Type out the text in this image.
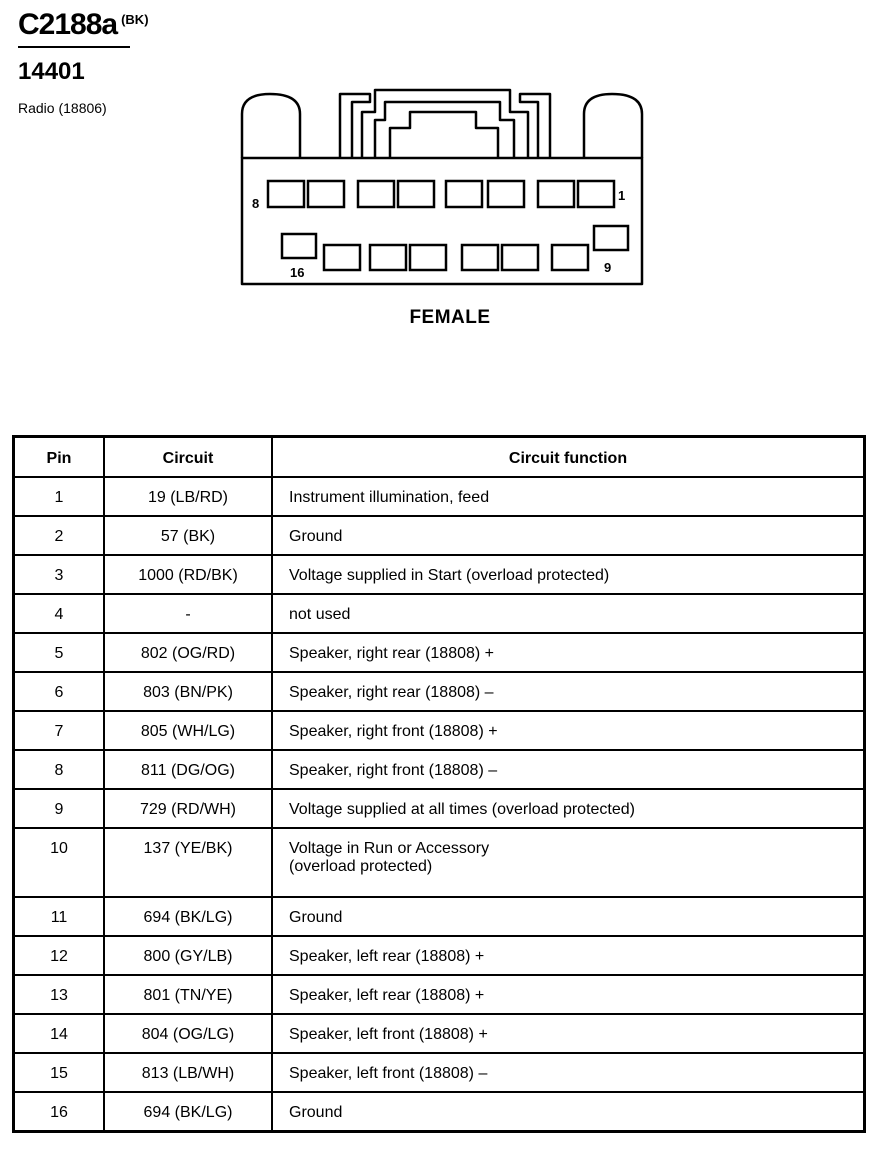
C2188a $^{(BK)}$
14401
Radio (18806)
8
1
16	9
FEMALE
Pin	Circuit	Circuit function
1	19 (LB/RD)	Instrument illumination, feed

2	57 (BK)	Ground

3	1000 (RD/BK)	Voltage supplied in Start (overload protected)

4	-	not used

5	802 (OG/RD)	Speaker, right rear (18808) +

6	803 (BN/PK)	Speaker, right rear (18808) –

7	805 (WH/LG)	Speaker, right front (18808) +

8	811 (DG/OG)	Speaker, right front (18808) –

9	729 (RD/WH)	Voltage supplied at all times (overload protected)

10	137 (YE/BK)	Voltage in Run or Accessory
(overload protected)

11	694 (BK/LG)	Ground

12	800 (GY/LB)	Speaker, left rear (18808) +

13	801 (TN/YE)	Speaker, left rear (18808) +

14	804 (OG/LG)	Speaker, left front (18808) +

15	813 (LB/WH)	Speaker, left front (18808) –

16	694 (BK/LG)	Ground
